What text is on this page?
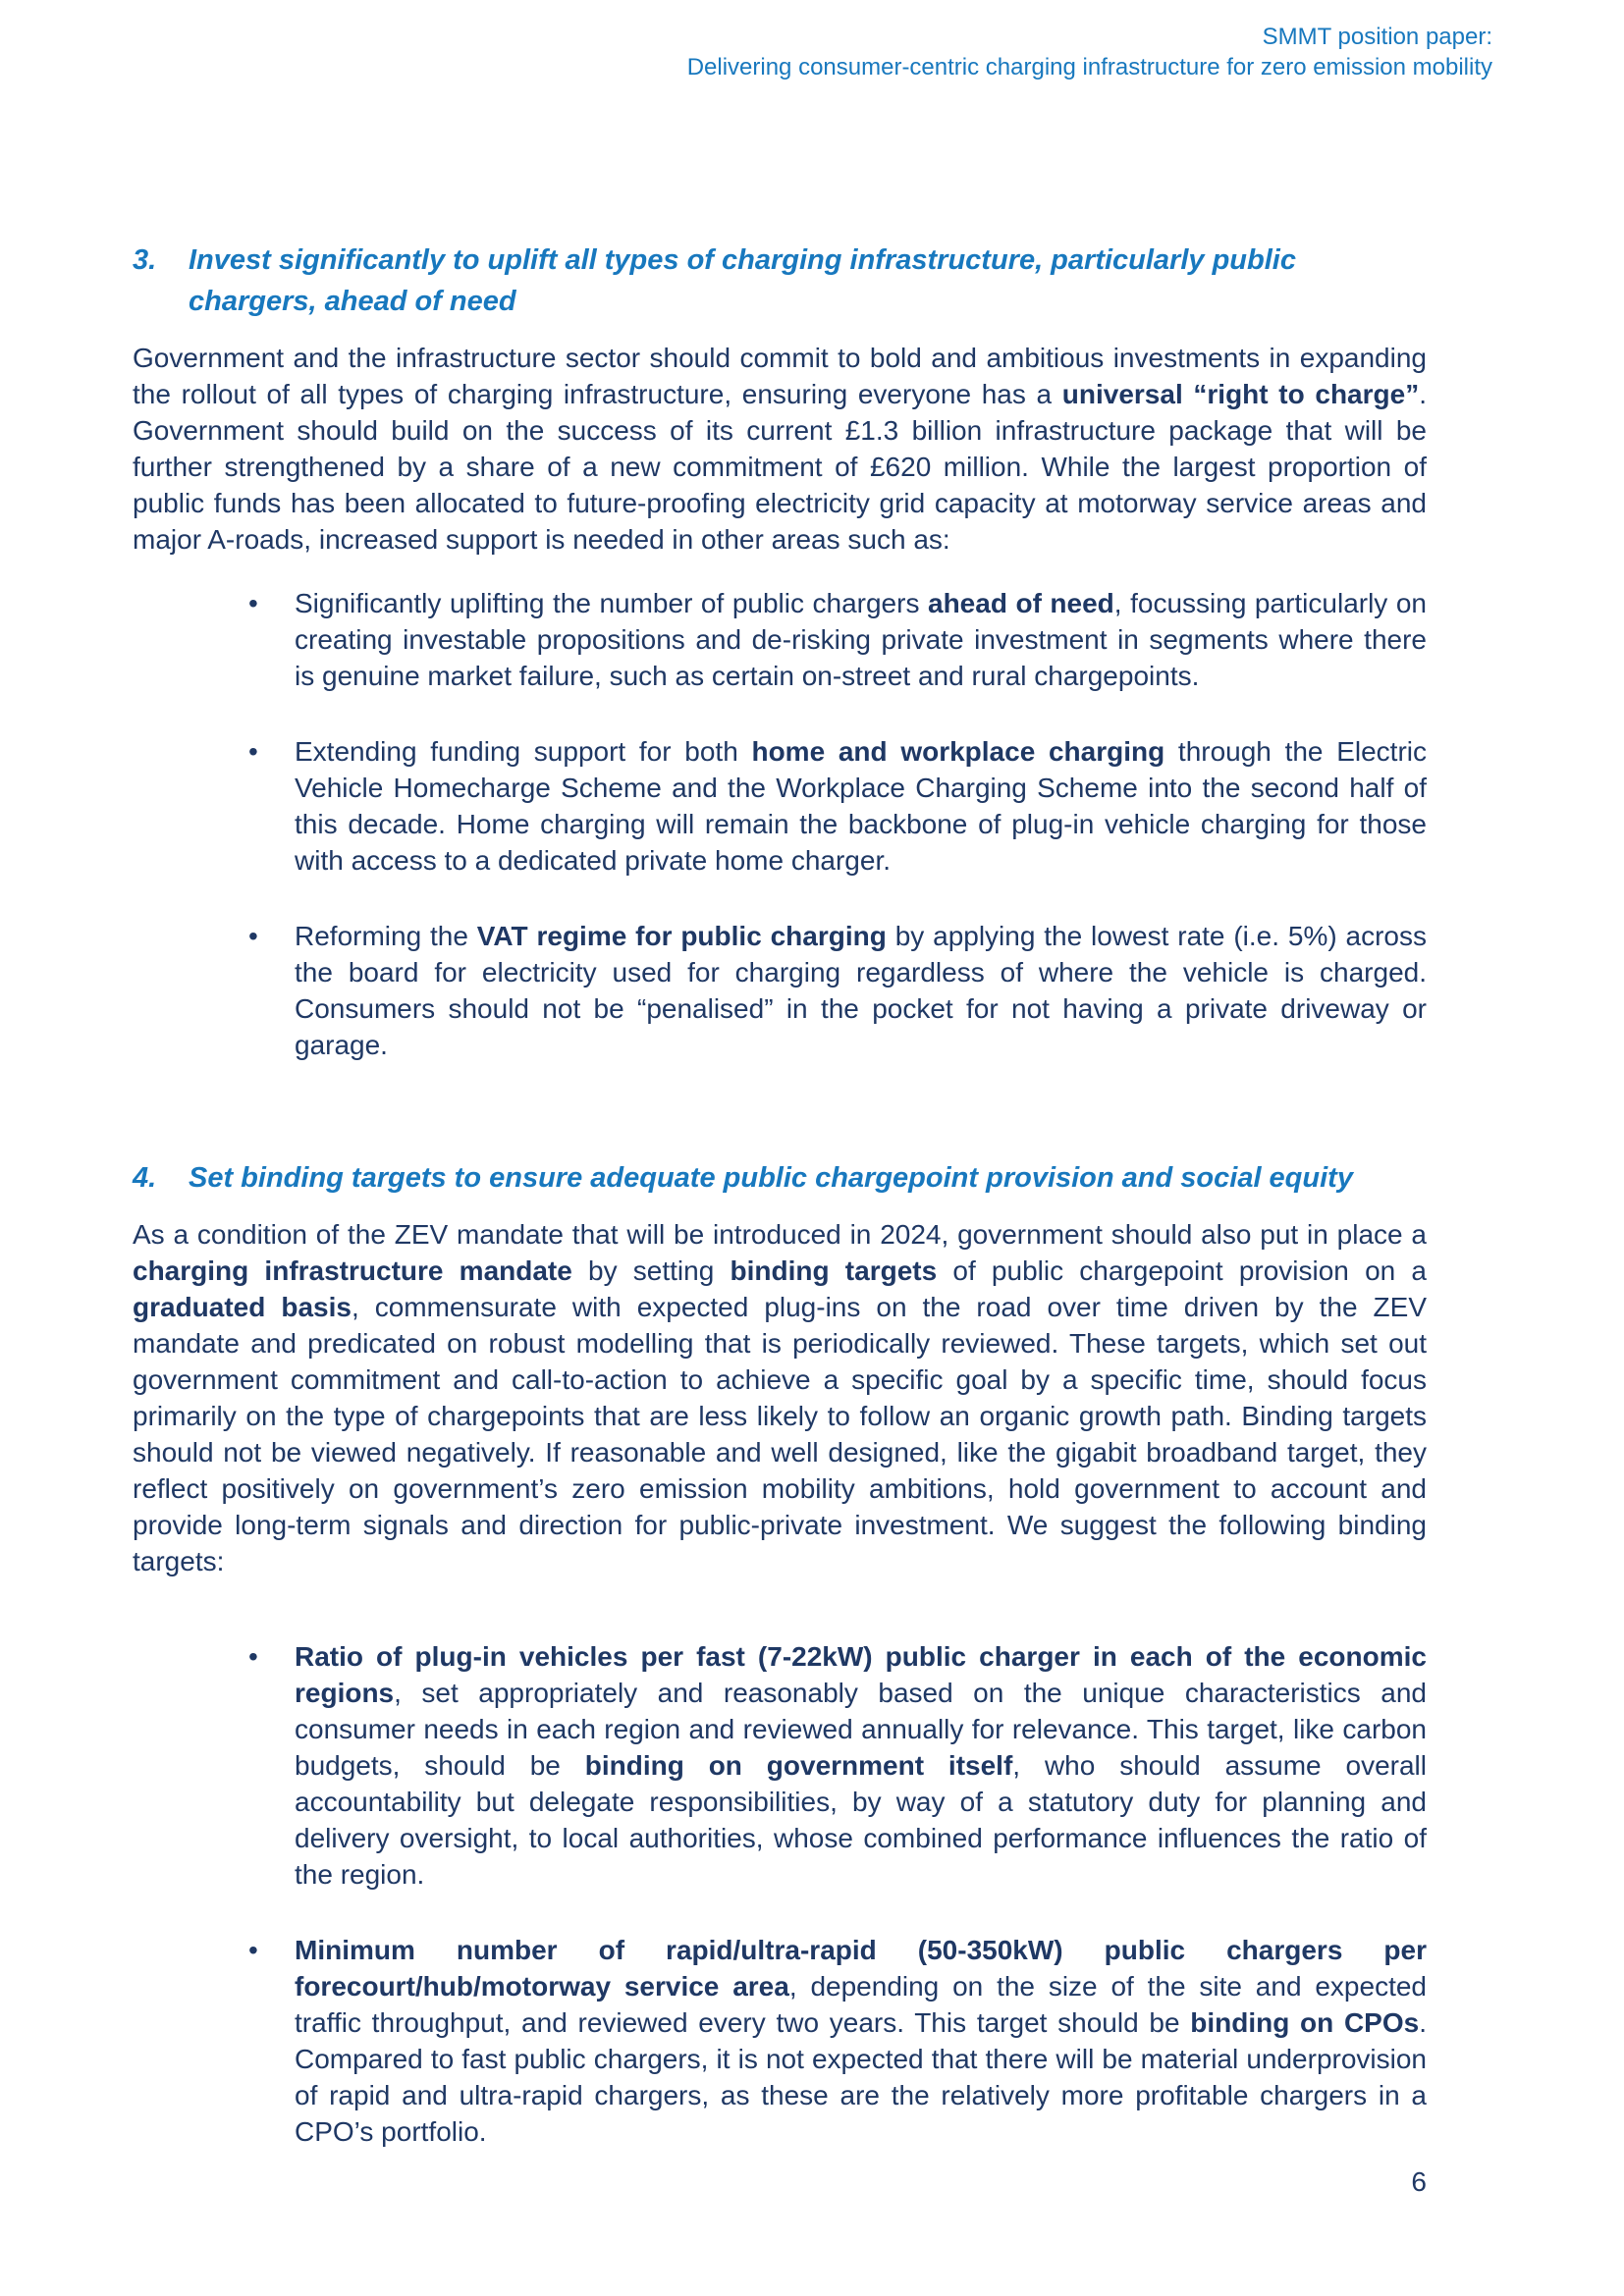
SMMT position paper:
Delivering consumer-centric charging infrastructure for zero emission mobility
3.	Invest significantly to uplift all types of charging infrastructure, particularly public chargers, ahead of need

Government and the infrastructure sector should commit to bold and ambitious investments in expanding the rollout of all types of charging infrastructure, ensuring everyone has a universal “right to charge”. Government should build on the success of its current £1.3 billion infrastructure package that will be further strengthened by a share of a new commitment of £620 million. While the largest proportion of public funds has been allocated to future-proofing electricity grid capacity at motorway service areas and major A-roads, increased support is needed in other areas such as:

• Significantly uplifting the number of public chargers ahead of need, focussing particularly on creating investable propositions and de-risking private investment in segments where there is genuine market failure, such as certain on-street and rural chargepoints.
• Extending funding support for both home and workplace charging through the Electric Vehicle Homecharge Scheme and the Workplace Charging Scheme into the second half of this decade. Home charging will remain the backbone of plug-in vehicle charging for those with access to a dedicated private home charger.
• Reforming the VAT regime for public charging by applying the lowest rate (i.e. 5%) across the board for electricity used for charging regardless of where the vehicle is charged. Consumers should not be “penalised” in the pocket for not having a private driveway or garage.
4.	Set binding targets to ensure adequate public chargepoint provision and social equity

As a condition of the ZEV mandate that will be introduced in 2024, government should also put in place a charging infrastructure mandate by setting binding targets of public chargepoint provision on a graduated basis, commensurate with expected plug-ins on the road over time driven by the ZEV mandate and predicated on robust modelling that is periodically reviewed. These targets, which set out government commitment and call-to-action to achieve a specific goal by a specific time, should focus primarily on the type of chargepoints that are less likely to follow an organic growth path. Binding targets should not be viewed negatively. If reasonable and well designed, like the gigabit broadband target, they reflect positively on government’s zero emission mobility ambitions, hold government to account and provide long-term signals and direction for public-private investment. We suggest the following binding targets:

• Ratio of plug-in vehicles per fast (7-22kW) public charger in each of the economic regions, set appropriately and reasonably based on the unique characteristics and consumer needs in each region and reviewed annually for relevance. This target, like carbon budgets, should be binding on government itself, who should assume overall accountability but delegate responsibilities, by way of a statutory duty for planning and delivery oversight, to local authorities, whose combined performance influences the ratio of the region.
• Minimum number of rapid/ultra-rapid (50-350kW) public chargers per forecourt/hub/motorway service area, depending on the size of the site and expected traffic throughput, and reviewed every two years. This target should be binding on CPOs. Compared to fast public chargers, it is not expected that there will be material underprovision of rapid and ultra-rapid chargers, as these are the relatively more profitable chargers in a CPO’s portfolio.
6
